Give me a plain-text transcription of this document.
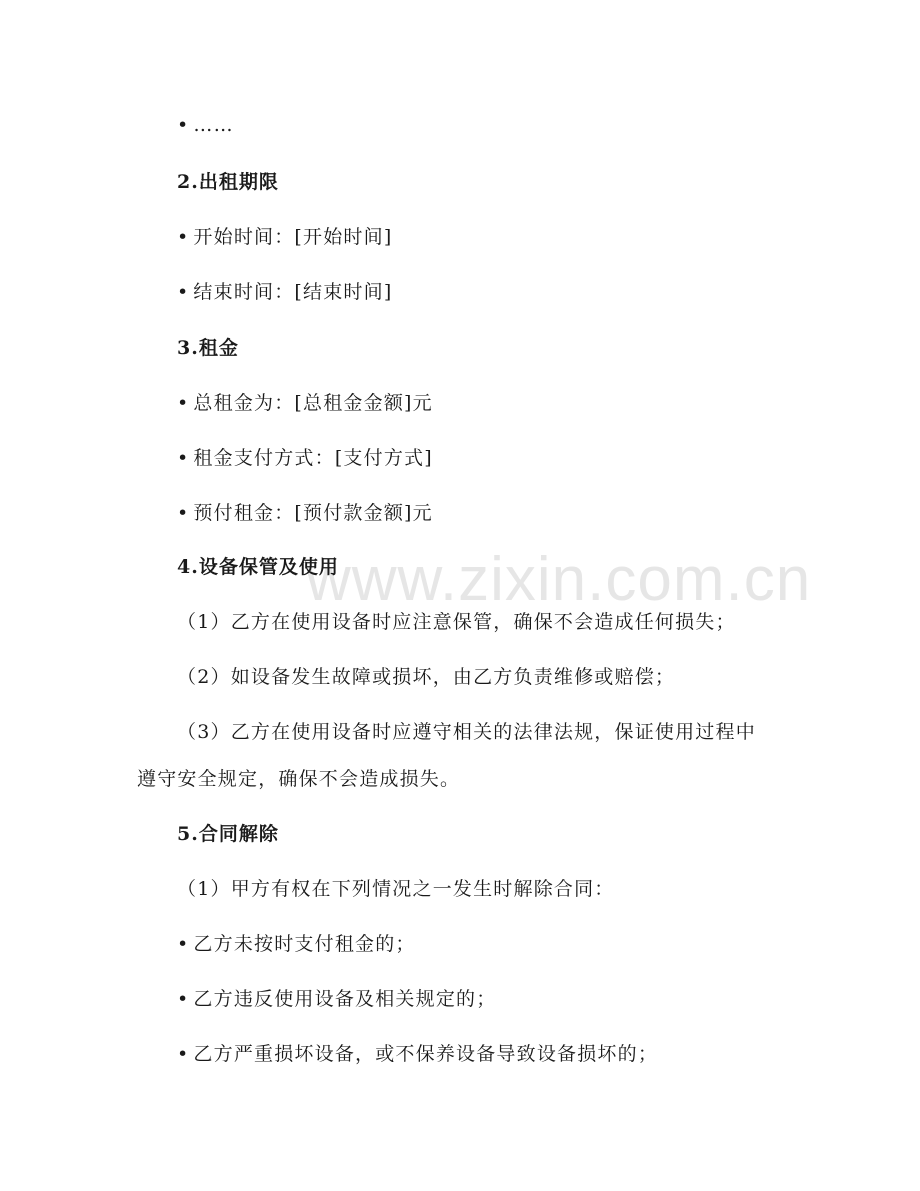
www.zixin.com.cn
• ……
2.出租期限
• 开始时间：[开始时间]
• 结束时间：[结束时间]
3.租金
• 总租金为：[总租金金额]元
• 租金支付方式：[支付方式]
• 预付租金：[预付款金额]元
4.设备保管及使用
（1）乙方在使用设备时应注意保管，确保不会造成任何损失；
（2）如设备发生故障或损坏，由乙方负责维修或赔偿；
（3）乙方在使用设备时应遵守相关的法律法规，保证使用过程中
遵守安全规定，确保不会造成损失。
5.合同解除
（1）甲方有权在下列情况之一发生时解除合同：
• 乙方未按时支付租金的；
• 乙方违反使用设备及相关规定的；
• 乙方严重损坏设备，或不保养设备导致设备损坏的；
